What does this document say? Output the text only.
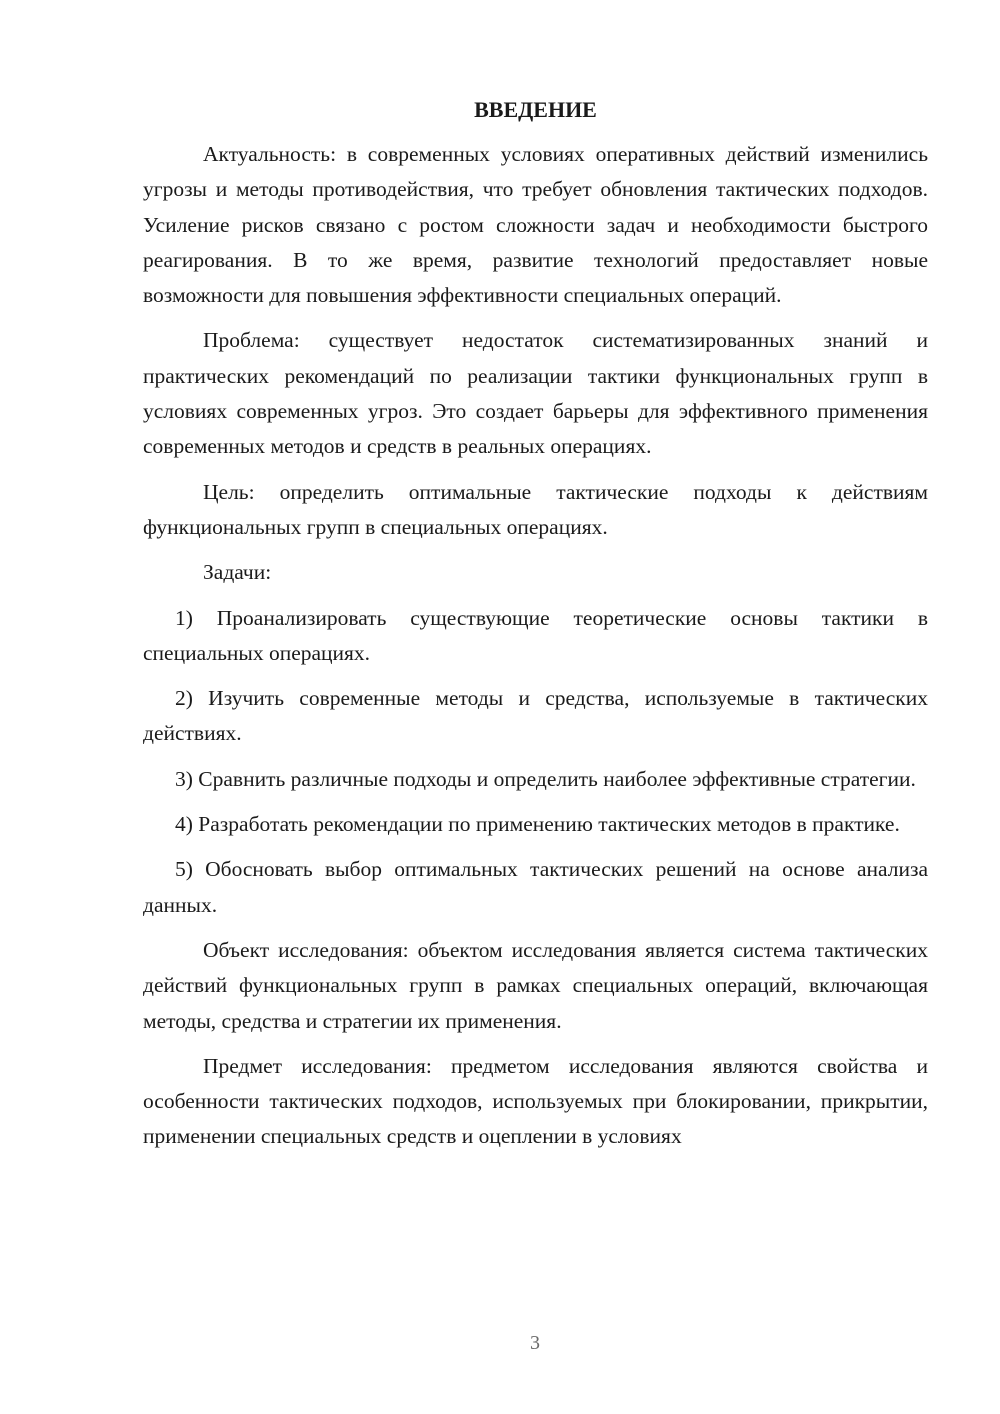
ВВЕДЕНИЕ

Актуальность: в современных условиях оперативных действий изменились угрозы и методы противодействия, что требует обновления тактических подходов. Усиление рисков связано с ростом сложности задач и необходимости быстрого реагирования. В то же время, развитие технологий предоставляет новые возможности для повышения эффективности специальных операций.

Проблема: существует недостаток систематизированных знаний и практических рекомендаций по реализации тактики функциональных групп в условиях современных угроз. Это создает барьеры для эффективного применения современных методов и средств в реальных операциях.

Цель: определить оптимальные тактические подходы к действиям функциональных групп в специальных операциях.

Задачи:

1) Проанализировать существующие теоретические основы тактики в специальных операциях.

2) Изучить современные методы и средства, используемые в тактических действиях.

3) Сравнить различные подходы и определить наиболее эффективные стратегии.

4) Разработать рекомендации по применению тактических методов в практике.

5) Обосновать выбор оптимальных тактических решений на основе анализа данных.

Объект исследования: объектом исследования является система тактических действий функциональных групп в рамках специальных операций, включающая методы, средства и стратегии их применения.

Предмет исследования: предметом исследования являются свойства и особенности тактических подходов, используемых при блокировании, прикрытии, применении специальных средств и оцеплении в условиях

3
